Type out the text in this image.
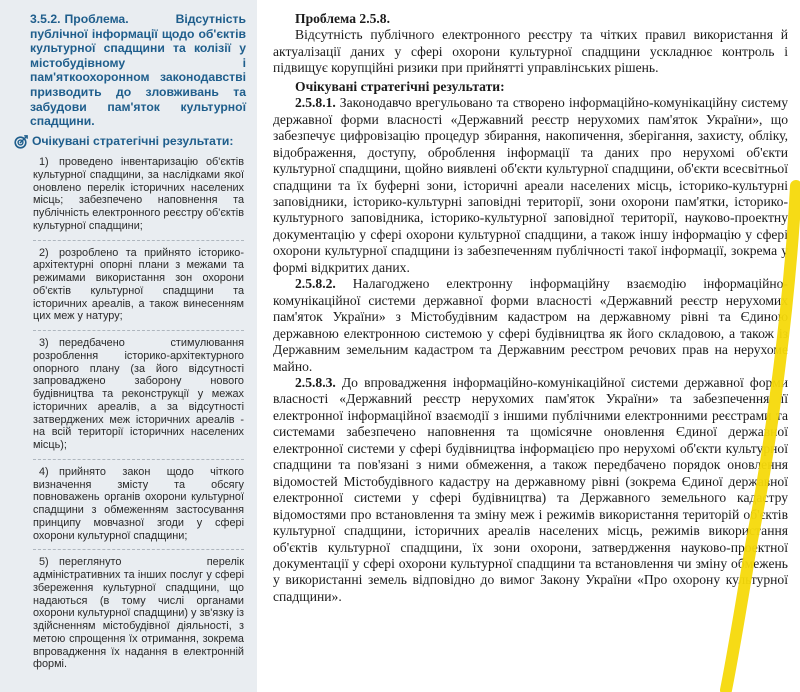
3.5.2. Проблема. Відсутність публічної інформації щодо об'єктів культурної спадщини та колізії у містобудівному і пам'яткоохоронном законодавстві призводить до зловживань та забудови пам'яток культурної спадщини.
Очікувані стратегічні результати:
1) проведено інвентаризацію об'єктів культурної спадщини, за наслідками якої оновлено перелік історичних населених місць; забезпечено наповнення та публічність електронного реєстру об'єктів культурної спадщини;
2) розроблено та прийнято історико-архітектурні опорні плани з межами та режимами використання зон охорони об'єктів культурної спадщини та історичних ареалів, а також винесенням цих меж у натуру;
3) передбачено стимулювання розроблення історико-архітектурного опорного плану (за його відсутності запроваджено заборону нового будівництва та реконструкції у межах історичних ареалів, а за відсутності затверджених меж історичних ареалів - на всій території історичних населених місць);
4) прийнято закон щодо чіткого визначення змісту та обсягу повноважень органів охорони культурної спадщини з обмеженням застосування принципу мовчазної згоди у сфері охорони культурної спадщини;
5) переглянуто перелік адміністративних та інших послуг у сфері збереження культурної спадщини, що надаються (в тому числі органами охорони культурної спадщини) у зв'язку із здійсненням містобудівної діяльності, з метою спрощення їх отримання, зокрема впровадження їх надання в електронній формі.

Проблема 2.5.8.

Відсутність публічного електронного реєстру та чітких правил використання й актуалізації даних у сфері охорони культурної спадщини ускладнює контроль і підвищує корупційні ризики при прийнятті управлінських рішень.

Очікувані стратегічні результати:

2.5.8.1. Законодавчо врегульовано та створено інформаційно-комунікаційну систему державної форми власності «Державний реєстр нерухомих пам'яток України», що забезпечує цифровізацію процедур збирання, накопичення, зберігання, захисту, обліку, відображення, доступу, оброблення інформації та даних про нерухомі об'єкти культурної спадщини, щойно виявлені об'єкти культурної спадщини, об'єкти всесвітньої спадщини та їх буферні зони, історичні ареали населених місць, історико-культурні заповідники, історико-культурні заповідні території, зони охорони пам'ятки, історико-культурного заповідника, історико-культурної заповідної території, науково-проектну документацію у сфері охорони культурної спадщини, а також іншу інформацію у сфері охорони культурної спадщини із забезпеченням публічності такої інформації, зокрема у формі відкритих даних.

2.5.8.2. Налагоджено електронну інформаційну взаємодію інформаційно-комунікаційної системи державної форми власності «Державний реєстр нерухомих пам'яток України» з Містобудівним кадастром на державному рівні та Єдиною державною електронною системою у сфері будівництва як його складовою, а також із Державним земельним кадастром та Державним реєстром речових прав на нерухоме майно.

2.5.8.3. До впровадження інформаційно-комунікаційної системи державної форми власності «Державний реєстр нерухомих пам'яток України» та забезпечення її електронної інформаційної взаємодії з іншими публічними електронними реєстрами та системами забезпечено наповнення та щомісячне оновлення Єдиної державної електронної системи у сфері будівництва інформацією про нерухомі об'єкти культурної спадщини та пов'язані з ними обмеження, а також передбачено порядок оновлення відомостей Містобудівного кадастру на державному рівні (зокрема Єдиної державної електронної системи у сфері будівництва) та Державного земельного кадастру відомостями про встановлення та зміну меж і режимів використання територій об'єктів культурної спадщини, історичних ареалів населених місць, режимів використання об'єктів культурної спадщини, їх зони охорони, затвердження науково-проектної документації у сфері охорони культурної спадщини та встановлення чи зміну обмежень у використанні земель відповідно до вимог Закону України «Про охорону культурної спадщини».
